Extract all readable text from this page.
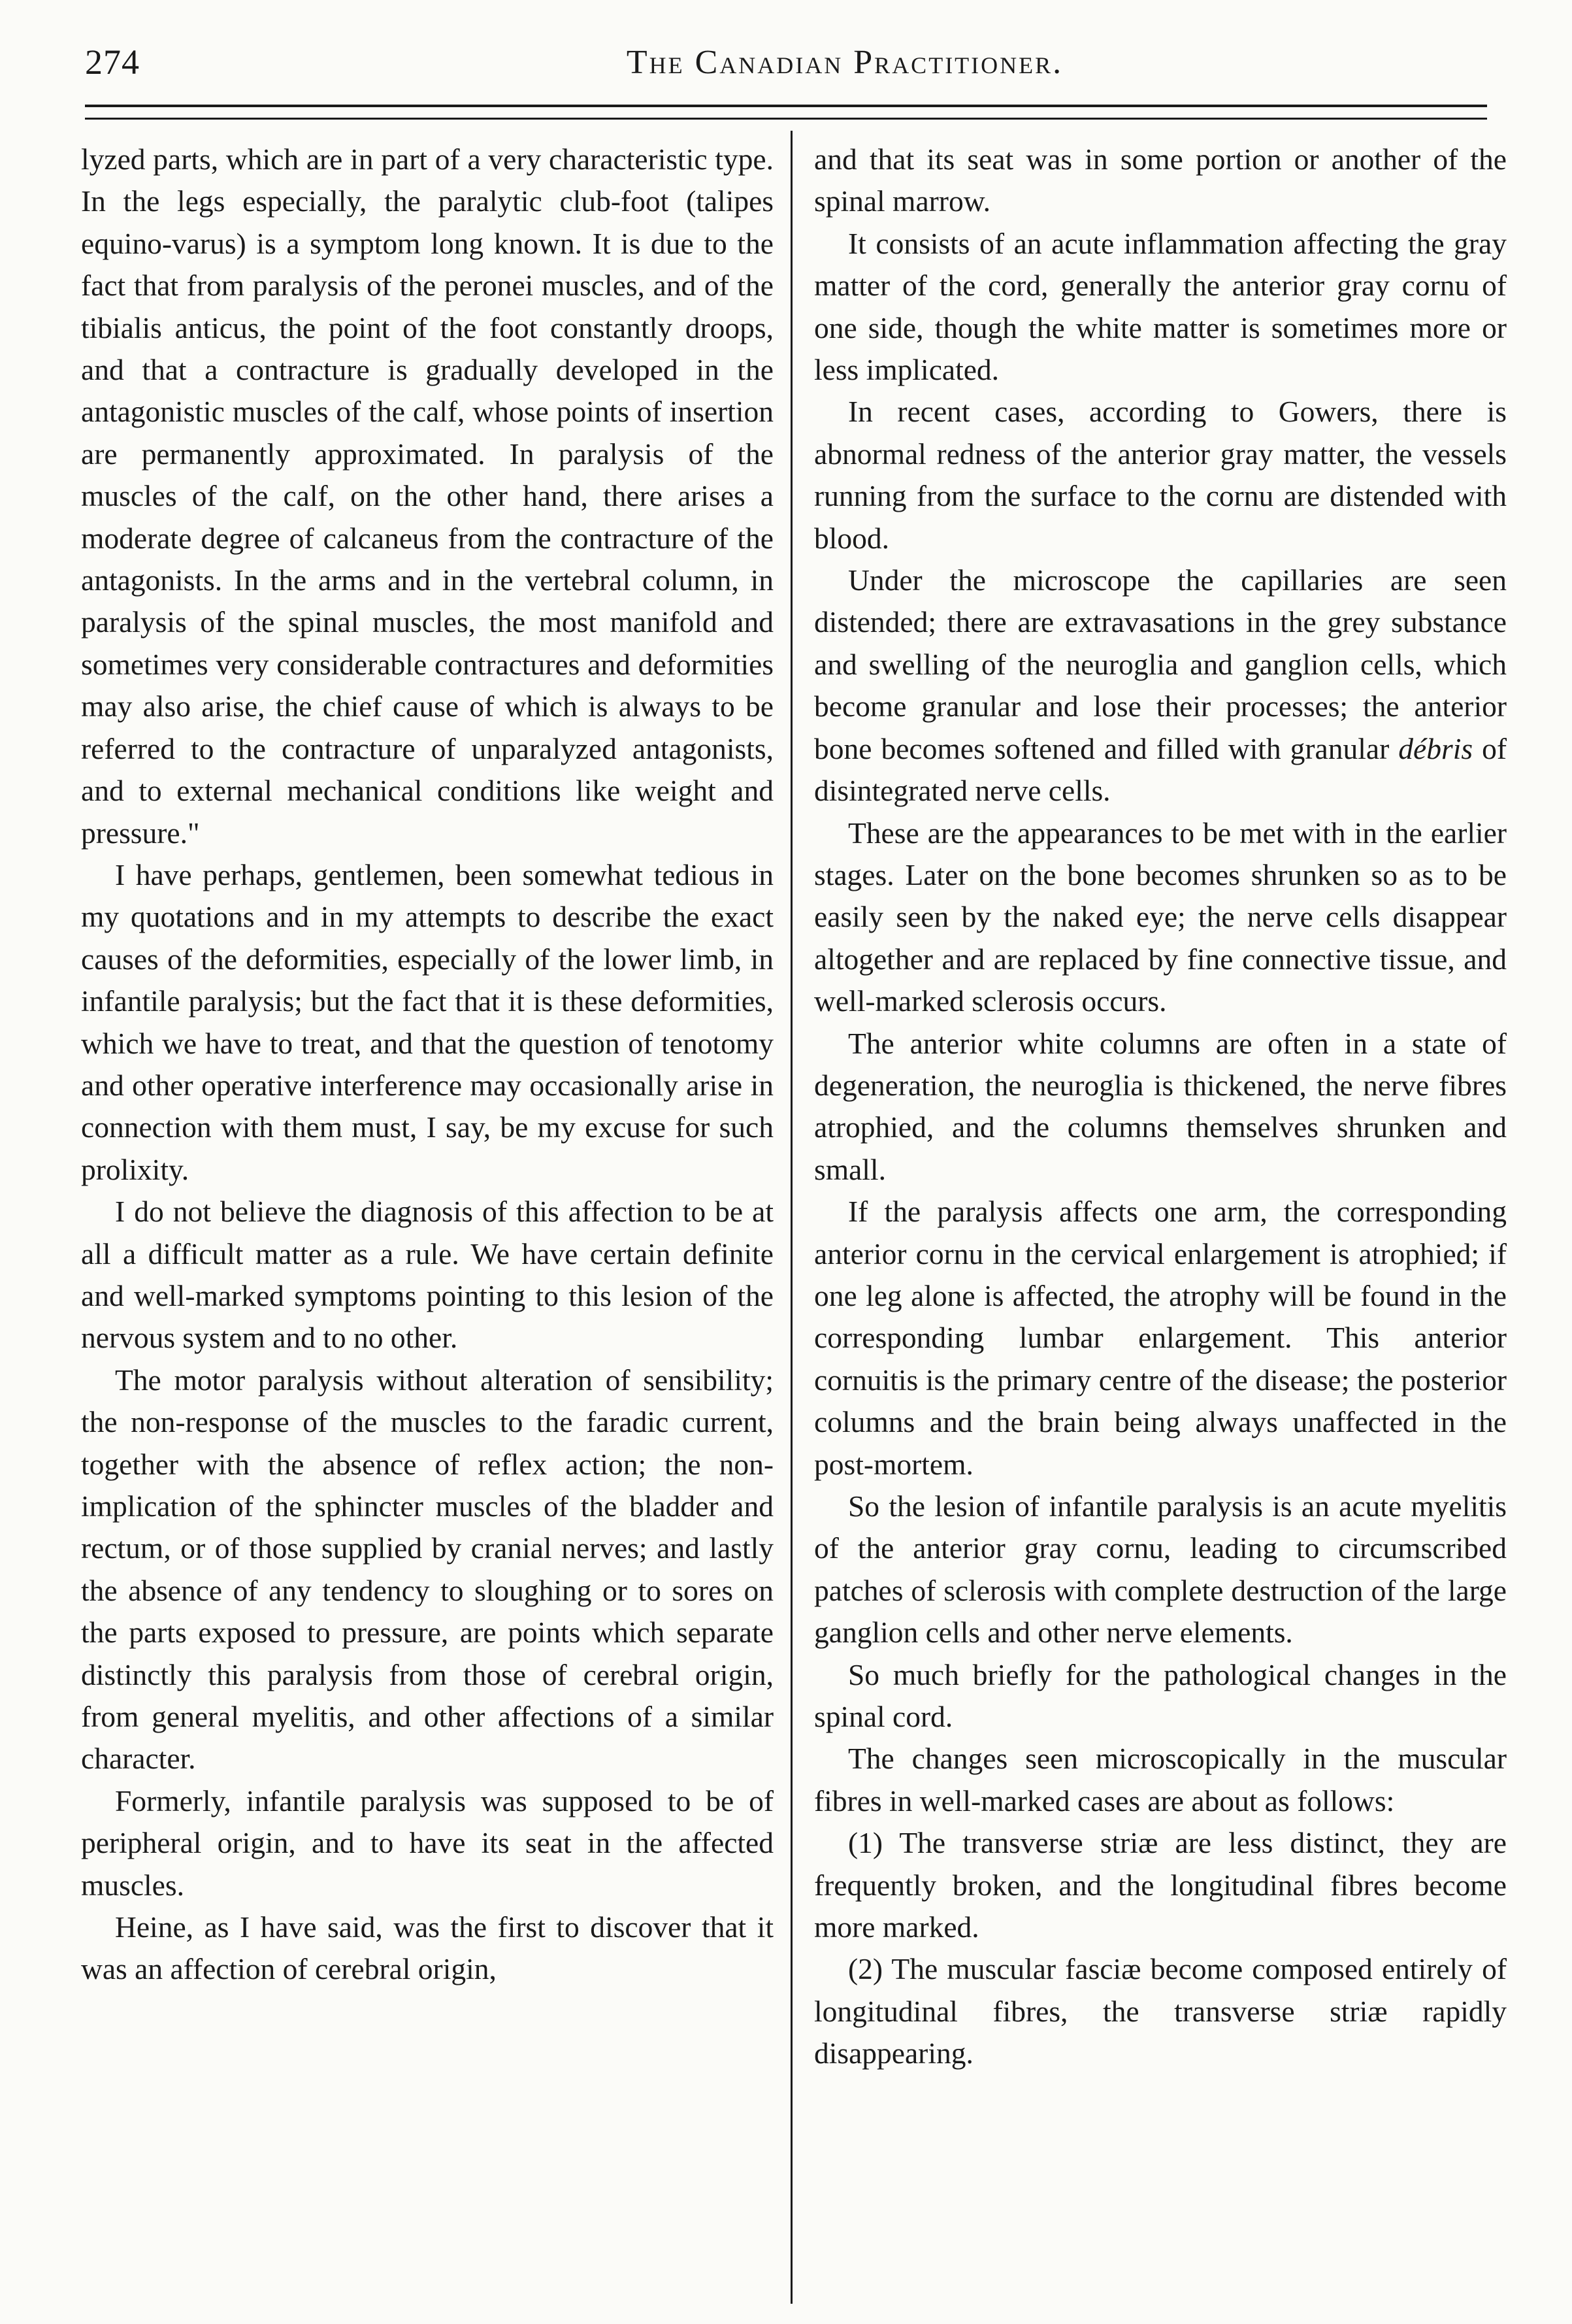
274	The Canadian Practitioner.

lyzed parts, which are in part of a very characteristic type. In the legs especially, the paralytic club-foot (talipes equino-varus) is a symptom long known. It is due to the fact that from paralysis of the peronei muscles, and of the tibialis anticus, the point of the foot constantly droops, and that a contracture is gradually developed in the antagonistic muscles of the calf, whose points of insertion are permanently approximated. In paralysis of the muscles of the calf, on the other hand, there arises a moderate degree of calcaneus from the contracture of the antagonists. In the arms and in the vertebral column, in paralysis of the spinal muscles, the most manifold and sometimes very considerable contractures and deformities may also arise, the chief cause of which is always to be referred to the contracture of unparalyzed antagonists, and to external mechanical conditions like weight and pressure."

I have perhaps, gentlemen, been somewhat tedious in my quotations and in my attempts to describe the exact causes of the deformities, especially of the lower limb, in infantile paralysis; but the fact that it is these deformities, which we have to treat, and that the question of tenotomy and other operative interference may occasionally arise in connection with them must, I say, be my excuse for such prolixity.

I do not believe the diagnosis of this affection to be at all a difficult matter as a rule. We have certain definite and well-marked symptoms pointing to this lesion of the nervous system and to no other.

The motor paralysis without alteration of sensibility; the non-response of the muscles to the faradic current, together with the absence of reflex action; the non-implication of the sphincter muscles of the bladder and rectum, or of those supplied by cranial nerves; and lastly the absence of any tendency to sloughing or to sores on the parts exposed to pressure, are points which separate distinctly this paralysis from those of cerebral origin, from general myelitis, and other affections of a similar character.

Formerly, infantile paralysis was supposed to be of peripheral origin, and to have its seat in the affected muscles.

Heine, as I have said, was the first to discover that it was an affection of cerebral origin,

and that its seat was in some portion or another of the spinal marrow.

It consists of an acute inflammation affecting the gray matter of the cord, generally the anterior gray cornu of one side, though the white matter is sometimes more or less implicated.

In recent cases, according to Gowers, there is abnormal redness of the anterior gray matter, the vessels running from the surface to the cornu are distended with blood.

Under the microscope the capillaries are seen distended; there are extravasations in the grey substance and swelling of the neuroglia and ganglion cells, which become granular and lose their processes; the anterior bone becomes softened and filled with granular débris of disintegrated nerve cells.

These are the appearances to be met with in the earlier stages. Later on the bone becomes shrunken so as to be easily seen by the naked eye; the nerve cells disappear altogether and are replaced by fine connective tissue, and well-marked sclerosis occurs.

The anterior white columns are often in a state of degeneration, the neuroglia is thickened, the nerve fibres atrophied, and the columns themselves shrunken and small.

If the paralysis affects one arm, the corresponding anterior cornu in the cervical enlargement is atrophied; if one leg alone is affected, the atrophy will be found in the corresponding lumbar enlargement. This anterior cornuitis is the primary centre of the disease; the posterior columns and the brain being always unaffected in the post-mortem.

So the lesion of infantile paralysis is an acute myelitis of the anterior gray cornu, leading to circumscribed patches of sclerosis with complete destruction of the large ganglion cells and other nerve elements.

So much briefly for the pathological changes in the spinal cord.

The changes seen microscopically in the muscular fibres in well-marked cases are about as follows:

(1) The transverse striæ are less distinct, they are frequently broken, and the longitudinal fibres become more marked.

(2) The muscular fasciæ become composed entirely of longitudinal fibres, the transverse striæ rapidly disappearing.
